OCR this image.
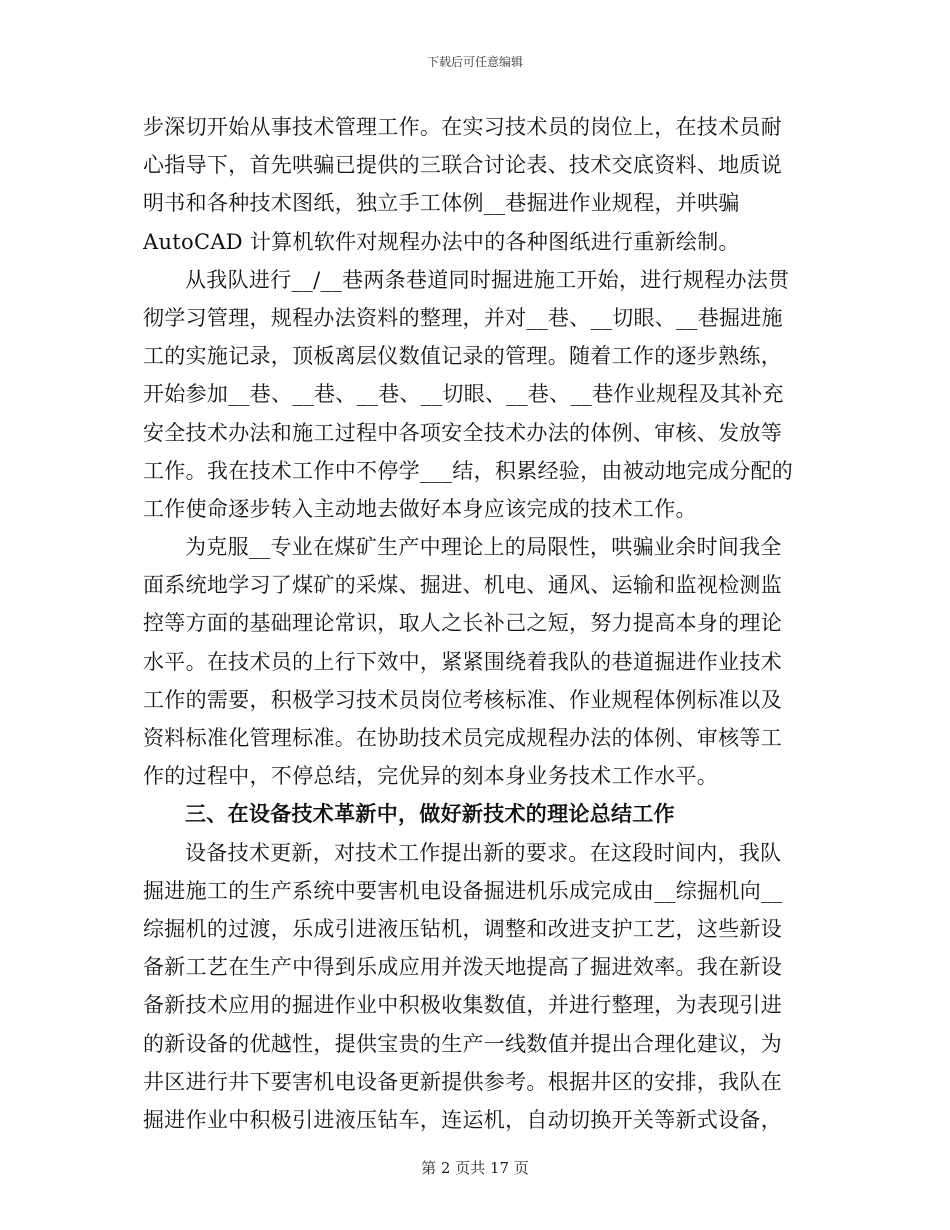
下载后可任意编辑
步深切开始从事技术管理工作。在实习技术员的岗位上，在技术员耐
心指导下，首先哄骗已提供的三联合讨论表、技术交底资料、地质说
明书和各种技术图纸，独立手工体例__巷掘进作业规程，并哄骗
AutoCAD 计算机软件对规程办法中的各种图纸进行重新绘制。
从我队进行__/__巷两条巷道同时掘进施工开始，进行规程办法贯
彻学习管理，规程办法资料的整理，并对__巷、__切眼、__巷掘进施
工的实施记录，顶板离层仪数值记录的管理。随着工作的逐步熟练，
开始参加__巷、__巷、__巷、__切眼、__巷、__巷作业规程及其补充
安全技术办法和施工过程中各项安全技术办法的体例、审核、发放等
工作。我在技术工作中不停学___结，积累经验，由被动地完成分配的
工作使命逐步转入主动地去做好本身应该完成的技术工作。
为克服__专业在煤矿生产中理论上的局限性，哄骗业余时间我全
面系统地学习了煤矿的采煤、掘进、机电、通风、运输和监视检测监
控等方面的基础理论常识，取人之长补己之短，努力提高本身的理论
水平。在技术员的上行下效中，紧紧围绕着我队的巷道掘进作业技术
工作的需要，积极学习技术员岗位考核标准、作业规程体例标准以及
资料标准化管理标准。在协助技术员完成规程办法的体例、审核等工
作的过程中，不停总结，完优异的刻本身业务技术工作水平。
三、在设备技术革新中，做好新技术的理论总结工作
设备技术更新，对技术工作提出新的要求。在这段时间内，我队
掘进施工的生产系统中要害机电设备掘进机乐成完成由__综掘机向__
综掘机的过渡，乐成引进液压钻机，调整和改进支护工艺，这些新设
备新工艺在生产中得到乐成应用并泼天地提高了掘进效率。我在新设
备新技术应用的掘进作业中积极收集数值，并进行整理，为表现引进
的新设备的优越性，提供宝贵的生产一线数值并提出合理化建议，为
井区进行井下要害机电设备更新提供参考。根据井区的安排，我队在
掘进作业中积极引进液压钻车，连运机，自动切换开关等新式设备，
第 2 页共 17 页
